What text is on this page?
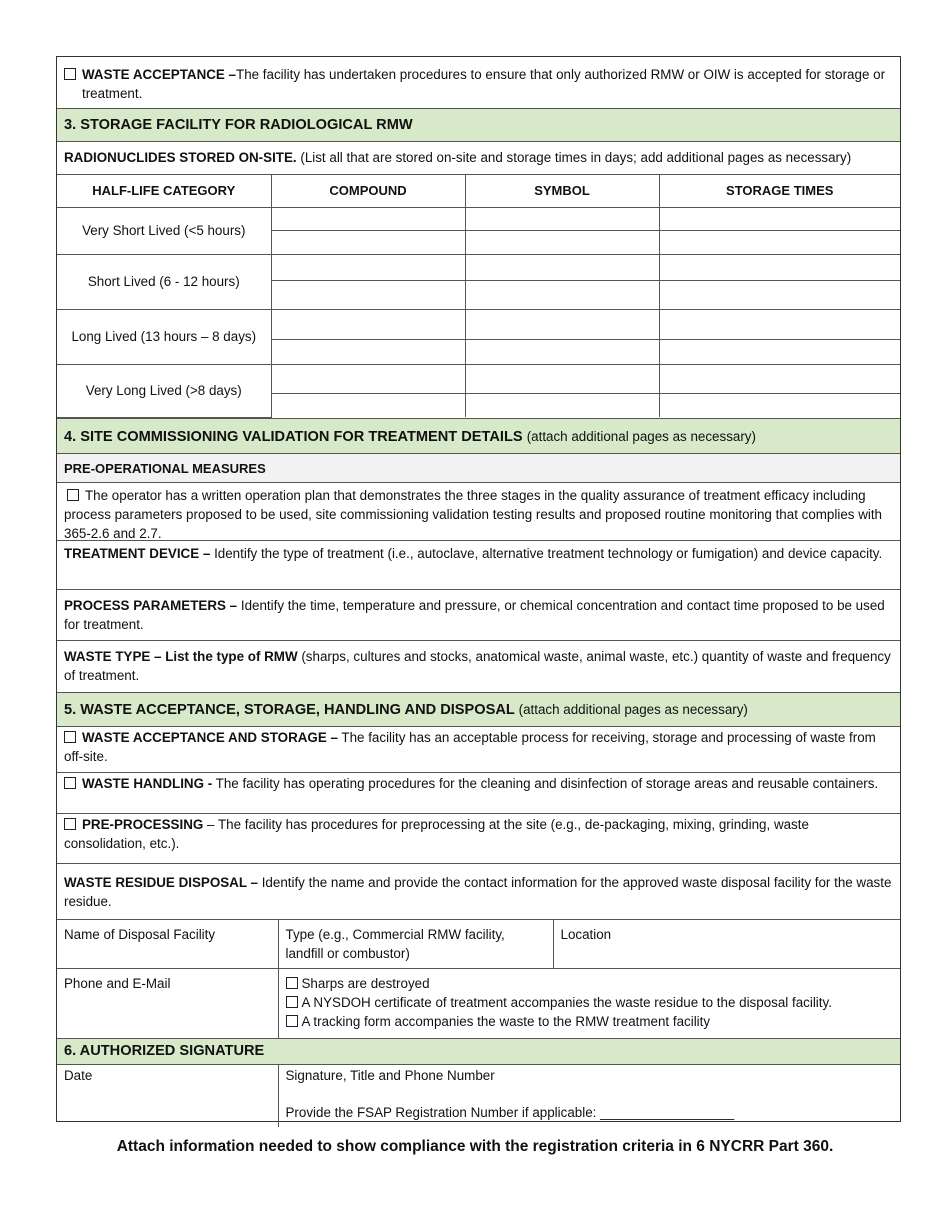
WASTE ACCEPTANCE –The facility has undertaken procedures to ensure that only authorized RMW or OIW is accepted for storage or treatment.
3. STORAGE FACILITY FOR RADIOLOGICAL RMW
RADIONUCLIDES STORED ON-SITE. (List all that are stored on-site and storage times in days; add additional pages as necessary)
HALF-LIFE CATEGORY	COMPOUND	SYMBOL	STORAGE TIMES
Very Short Lived (<5 hours)			

Short Lived (6 - 12 hours)			

Long Lived (13 hours – 8 days)			

Very Long Lived (>8 days)			

4. SITE COMMISSIONING VALIDATION FOR TREATMENT DETAILS (attach additional pages as necessary)
PRE-OPERATIONAL MEASURES
The operator has a written operation plan that demonstrates the three stages in the quality assurance of treatment efficacy including process parameters proposed to be used, site commissioning validation testing results and proposed routine monitoring that complies with 365-2.6 and 2.7.
TREATMENT DEVICE – Identify the type of treatment (i.e., autoclave, alternative treatment technology or fumigation) and device capacity.
PROCESS PARAMETERS – Identify the time, temperature and pressure, or chemical concentration and contact time proposed to be used for treatment.
WASTE TYPE – List the type of RMW (sharps, cultures and stocks, anatomical waste, animal waste, etc.) quantity of waste and frequency of treatment.
5. WASTE ACCEPTANCE, STORAGE, HANDLING AND DISPOSAL (attach additional pages as necessary)
WASTE ACCEPTANCE AND STORAGE – The facility has an acceptable process for receiving, storage and processing of waste from off-site.
WASTE HANDLING - The facility has operating procedures for the cleaning and disinfection of storage areas and reusable containers.
PRE-PROCESSING – The facility has procedures for preprocessing at the site (e.g., de-packaging, mixing, grinding, waste consolidation, etc.).
WASTE RESIDUE DISPOSAL – Identify the name and provide the contact information for the approved waste disposal facility for the waste residue.
Name of Disposal Facility	Type (e.g., Commercial RMW facility, landfill or combustor)	Location
Phone and E-Mail	Sharps are destroyed
A NYSDOH certificate of treatment accompanies the waste residue to the disposal facility.
A tracking form accompanies the waste to the RMW treatment facility	
6. AUTHORIZED SIGNATURE
Date	Signature, Title and Phone Number
Provide the FSAP Registration Number if applicable: __________________
Attach information needed to show compliance with the registration criteria in 6 NYCRR Part 360.
